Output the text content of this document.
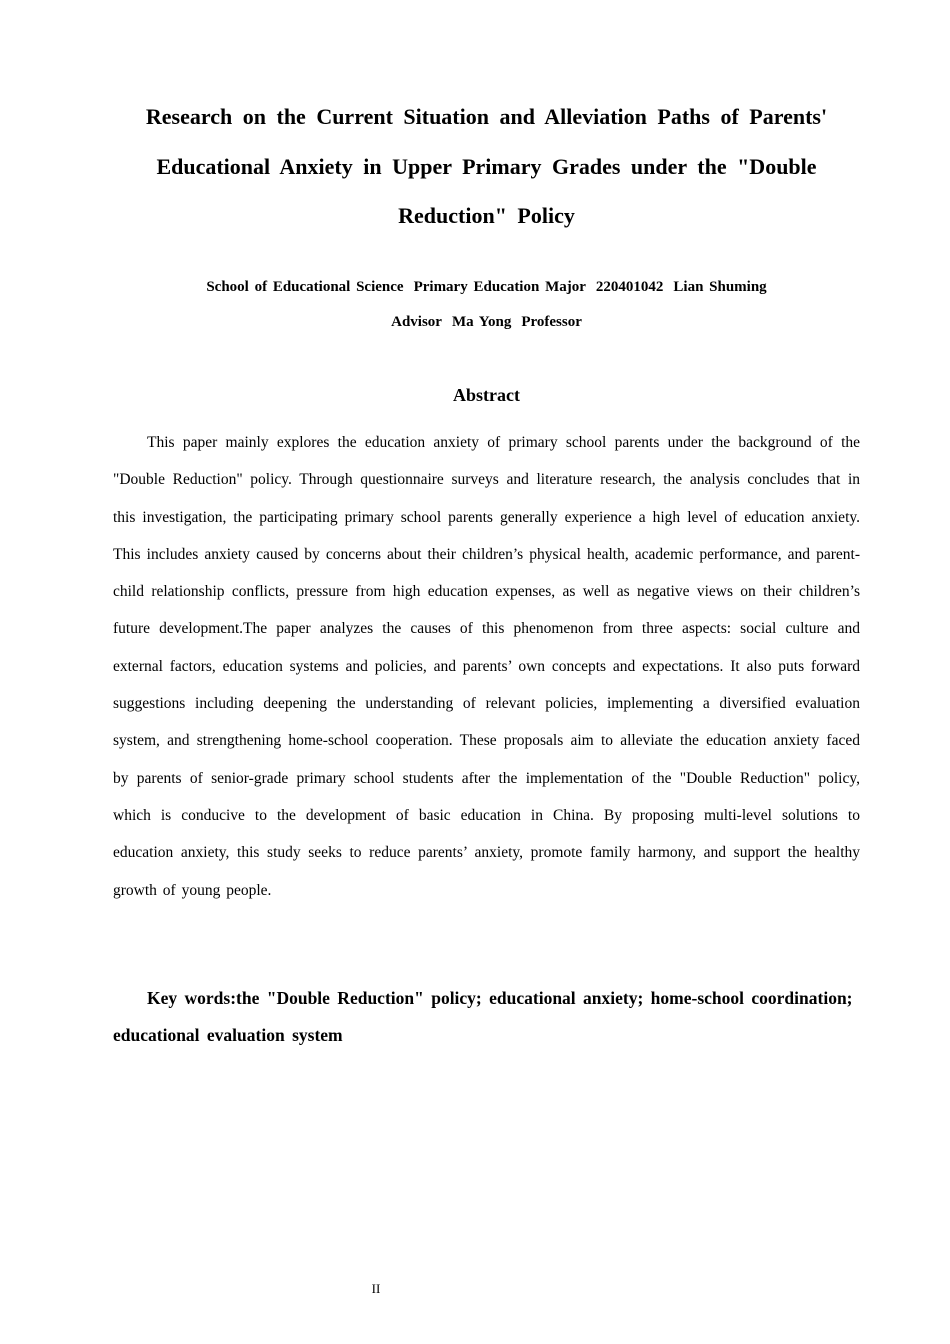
Research on the Current Situation and Alleviation Paths of Parents' Educational Anxiety in Upper Primary Grades under the "Double Reduction" Policy

School of Educational Science Primary Education Major 220401042 Lian Shuming

Advisor Ma Yong Professor

Abstract

This paper mainly explores the education anxiety of primary school parents under the background of the "Double Reduction" policy. Through questionnaire surveys and literature research, the analysis concludes that in this investigation, the participating primary school parents generally experience a high level of education anxiety. This includes anxiety caused by concerns about their children’s physical health, academic performance, and parent-child relationship conflicts, pressure from high education expenses, as well as negative views on their children’s future development.The paper analyzes the causes of this phenomenon from three aspects: social culture and external factors, education systems and policies, and parents’ own concepts and expectations. It also puts forward suggestions including deepening the understanding of relevant policies, implementing a diversified evaluation system, and strengthening home-school cooperation. These proposals aim to alleviate the education anxiety faced by parents of senior-grade primary school students after the implementation of the "Double Reduction" policy, which is conducive to the development of basic education in China. By proposing multi-level solutions to education anxiety, this study seeks to reduce parents’ anxiety, promote family harmony, and support the healthy growth of young people.

Key words:the "Double Reduction" policy; educational anxiety; home-school coordination; educational evaluation system

II
